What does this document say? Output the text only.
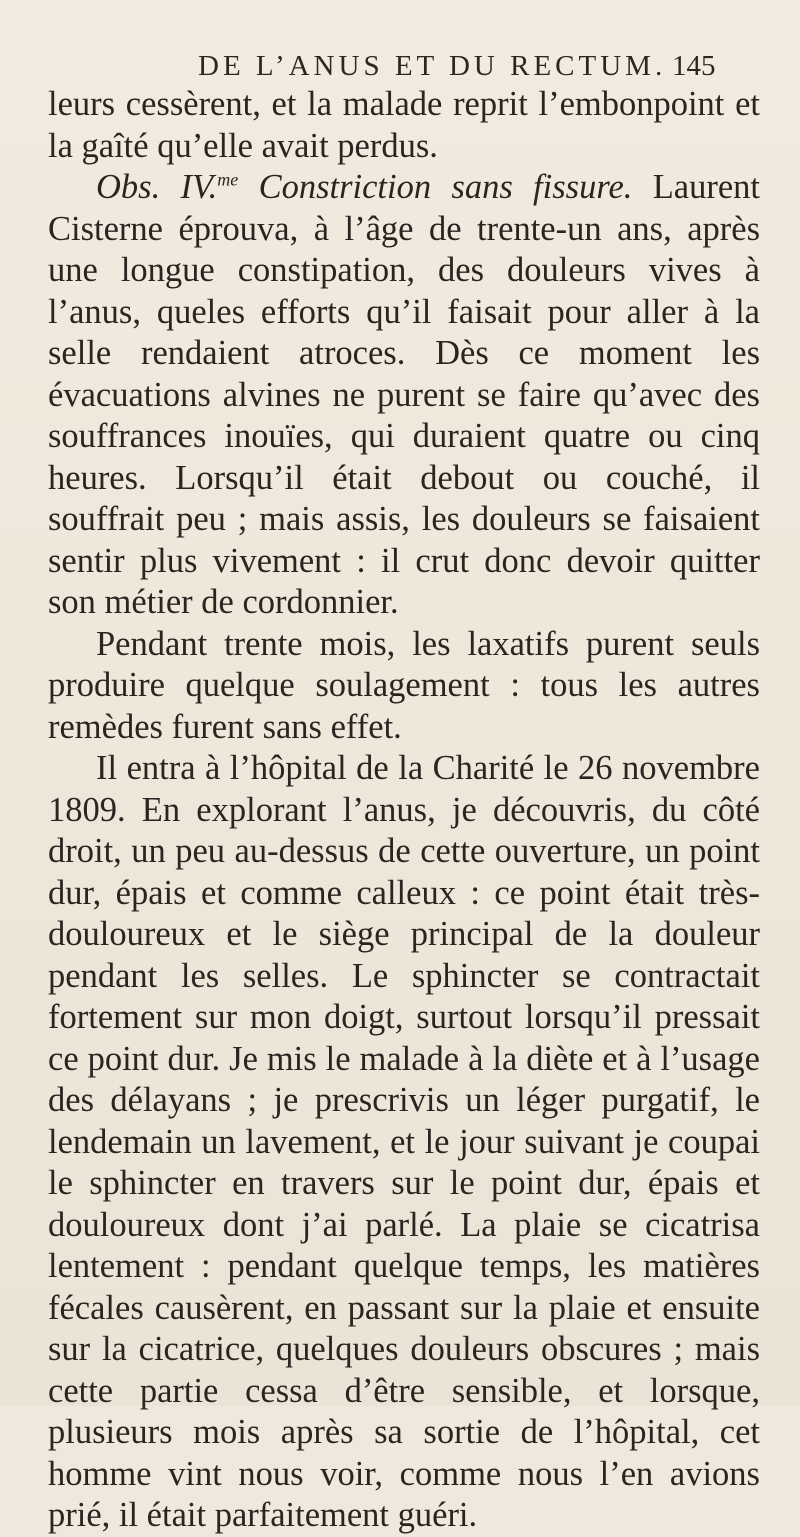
DE L’ANUS ET DU RECTUM. 145

leurs cessèrent, et la malade reprit l’embonpoint et la gaîté qu’elle avait perdus.

Obs. IV.$^{me}$ Constriction sans fissure. Laurent Cisterne éprouva, à l’âge de trente-un ans, après une longue constipation, des douleurs vives à l’anus, queles efforts qu’il faisait pour aller à la selle rendaient atroces. Dès ce moment les évacuations alvines ne purent se faire qu’avec des souffrances inouïes, qui duraient quatre ou cinq heures. Lorsqu’il était debout ou couché, il souffrait peu ; mais assis, les douleurs se faisaient sentir plus vivement : il crut donc devoir quitter son métier de cordonnier.

Pendant trente mois, les laxatifs purent seuls produire quelque soulagement : tous les autres remèdes furent sans effet.

Il entra à l’hôpital de la Charité le 26 novembre 1809. En explorant l’anus, je découvris, du côté droit, un peu au-dessus de cette ouverture, un point dur, épais et comme calleux : ce point était très-douloureux et le siège principal de la douleur pendant les selles. Le sphincter se contractait fortement sur mon doigt, surtout lorsqu’il pressait ce point dur. Je mis le malade à la diète et à l’usage des délayans ; je prescrivis un léger purgatif, le lendemain un lavement, et le jour suivant je coupai le sphincter en travers sur le point dur, épais et douloureux dont j’ai parlé. La plaie se cicatrisa lentement : pendant quelque temps, les matières fécales causèrent, en passant sur la plaie et ensuite sur la cicatrice, quelques douleurs obscures ; mais cette partie cessa d’être sensible, et lorsque, plusieurs mois après sa sortie de l’hôpital, cet homme vint nous voir, comme nous l’en avions prié, il était parfaitement guéri.
